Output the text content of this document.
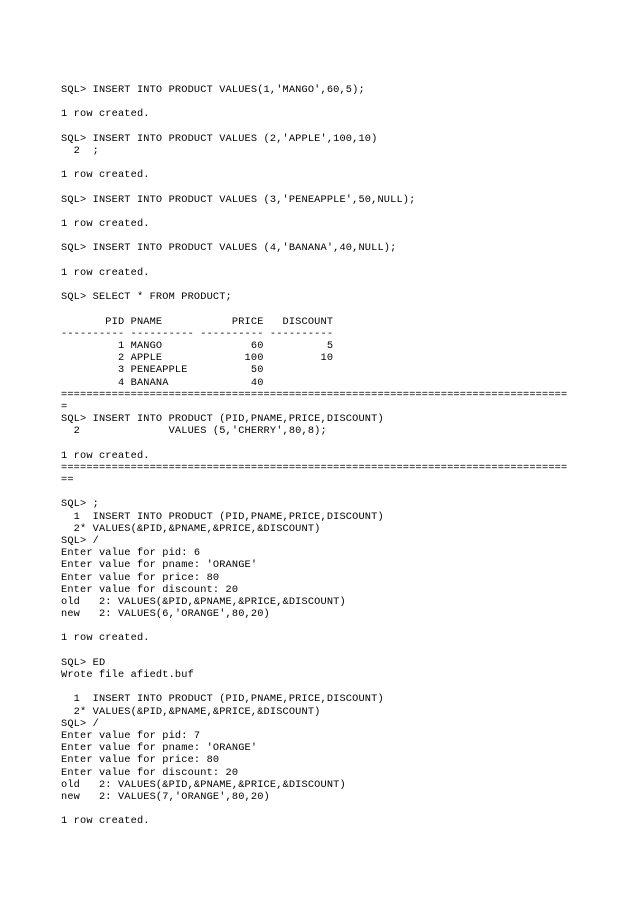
SQL> INSERT INTO PRODUCT VALUES(1,'MANGO',60,5);
1 row created.
SQL> INSERT INTO PRODUCT VALUES (2,'APPLE',100,10)
2  ;
1 row created.
SQL> INSERT INTO PRODUCT VALUES (3,'PENEAPPLE',50,NULL);
1 row created.
SQL> INSERT INTO PRODUCT VALUES (4,'BANANA',40,NULL);
1 row created.
SQL> SELECT * FROM PRODUCT;
PID PNAME           PRICE   DISCOUNT
---------- ---------- ---------- ----------
1 MANGO              60          5
2 APPLE             100         10
3 PENEAPPLE          50
4 BANANA             40
================================================================================
=
SQL> INSERT INTO PRODUCT (PID,PNAME,PRICE,DISCOUNT)
2              VALUES (5,'CHERRY',80,8);
1 row created.
================================================================================
==
SQL> ;
1  INSERT INTO PRODUCT (PID,PNAME,PRICE,DISCOUNT)
2* VALUES(&PID,&PNAME,&PRICE,&DISCOUNT)
SQL> /
Enter value for pid: 6
Enter value for pname: 'ORANGE'
Enter value for price: 80
Enter value for discount: 20
old   2: VALUES(&PID,&PNAME,&PRICE,&DISCOUNT)
new   2: VALUES(6,'ORANGE',80,20)
1 row created.
SQL> ED
Wrote file afiedt.buf
1  INSERT INTO PRODUCT (PID,PNAME,PRICE,DISCOUNT)
2* VALUES(&PID,&PNAME,&PRICE,&DISCOUNT)
SQL> /
Enter value for pid: 7
Enter value for pname: 'ORANGE'
Enter value for price: 80
Enter value for discount: 20
old   2: VALUES(&PID,&PNAME,&PRICE,&DISCOUNT)
new   2: VALUES(7,'ORANGE',80,20)
1 row created.
